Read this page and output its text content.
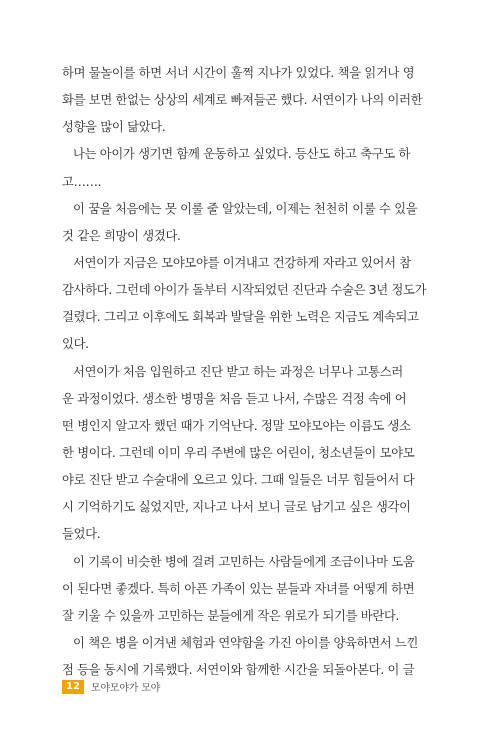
하며 물놀이를 하면 서너 시간이 훌쩍 지나가 있었다. 책을 읽거나 영
화를 보면 한없는 상상의 세계로 빠져들곤 했다. 서연이가 나의 이러한
성향을 많이 닮았다.
나는 아이가 생기면 함께 운동하고 싶었다. 등산도 하고 축구도 하
고…….
이 꿈을 처음에는 못 이룰 줄 알았는데, 이제는 천천히 이룰 수 있을
것 같은 희망이 생겼다.
서연이가 지금은 모야모야를 이겨내고 건강하게 자라고 있어서 참
감사하다. 그런데 아이가 돌부터 시작되었던 진단과 수술은 3년 정도가
걸렸다. 그리고 이후에도 회복과 발달을 위한 노력은 지금도 계속되고
있다.
서연이가 처음 입원하고 진단 받고 하는 과정은 너무나 고통스러
운 과정이었다. 생소한 병명을 처음 듣고 나서, 수많은 걱정 속에 어
떤 병인지 알고자 했던 때가 기억난다. 정말 모야모야는 이름도 생소
한 병이다. 그런데 이미 우리 주변에 많은 어린이, 청소년들이 모야모
야로 진단 받고 수술대에 오르고 있다. 그때 일들은 너무 힘들어서 다
시 기억하기도 싫었지만, 지나고 나서 보니 글로 남기고 싶은 생각이
들었다.
이 기록이 비슷한 병에 걸려 고민하는 사람들에게 조금이나마 도움
이 된다면 좋겠다. 특히 아픈 가족이 있는 분들과 자녀를 어떻게 하면
잘 키울 수 있을까 고민하는 분들에게 작은 위로가 되기를 바란다.
이 책은 병을 이겨낸 체험과 연약함을 가진 아이를 양육하면서 느낀
점 등을 동시에 기록했다. 서연이와 함께한 시간을 되돌아본다. 이 글
12	모야모야가 모야
